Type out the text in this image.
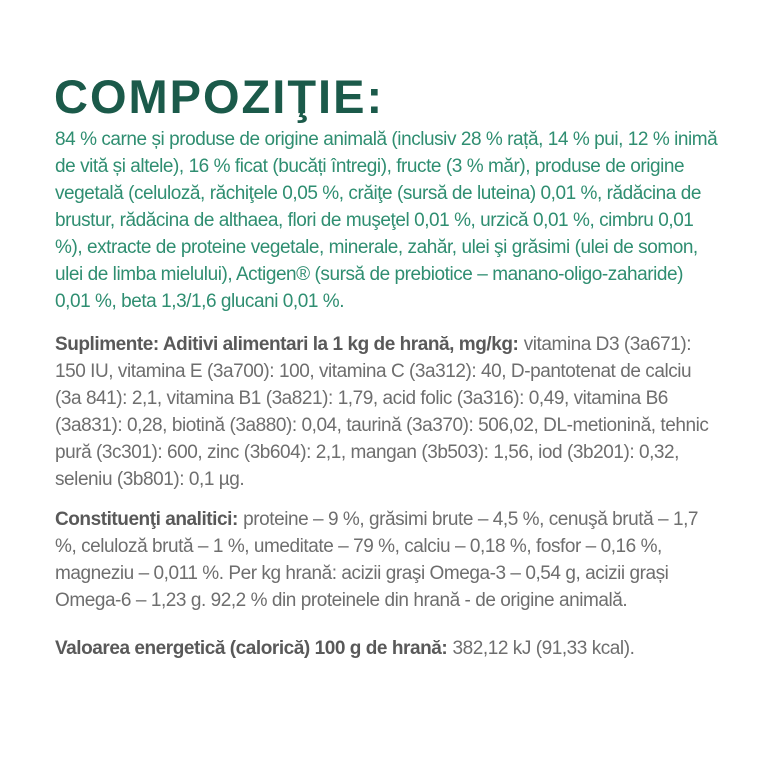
COMPOZIŢIE:

84 % carne și produse de origine animală (inclusiv 28 % rață, 14 % pui, 12 % inimă de vită și altele), 16 % ficat (bucăți întregi), fructe (3 % măr), produse de origine vegetală (celuloză, răchiţele 0,05 %, crăiţe (sursă de luteina) 0,01 %, rădăcina de brustur, rădăcina de althaea, flori de muşeţel 0,01 %, urzică 0,01 %, cimbru 0,01 %), extracte de proteine vegetale, minerale, zahăr, ulei şi grăsimi (ulei de somon, ulei de limba mielului), Actigen® (sursă de prebiotice – manano-oligo-zaharide) 0,01 %, beta 1,3/1,6 glucani 0,01 %.

Suplimente: Aditivi alimentari la 1 kg de hrană, mg/kg: vitamina D3 (3a671): 150 IU, vitamina E (3a700): 100, vitamina C (3a312): 40, D-pantotenat de calciu (3a 841): 2,1, vitamina B1 (3a821): 1,79, acid folic (3a316): 0,49, vitamina B6 (3a831): 0,28, biotină (3a880): 0,04, taurină (3a370): 506,02, DL-metionină, tehnic pură (3c301): 600, zinc (3b604): 2,1, mangan (3b503): 1,56, iod (3b201): 0,32, seleniu (3b801): 0,1 µg.

Constituenţi analitici: proteine – 9 %, grăsimi brute – 4,5 %, cenuşă brută – 1,7 %, celuloză brută – 1 %, umeditate – 79 %, calciu – 0,18 %, fosfor – 0,16 %, magneziu – 0,011 %. Per kg hrană: acizii graşi Omega-3 – 0,54 g, acizii grași Omega-6 – 1,23 g. 92,2 % din proteinele din hrană - de origine animală.

Valoarea energetică (calorică) 100 g de hrană: 382,12 kJ (91,33 kcal).
